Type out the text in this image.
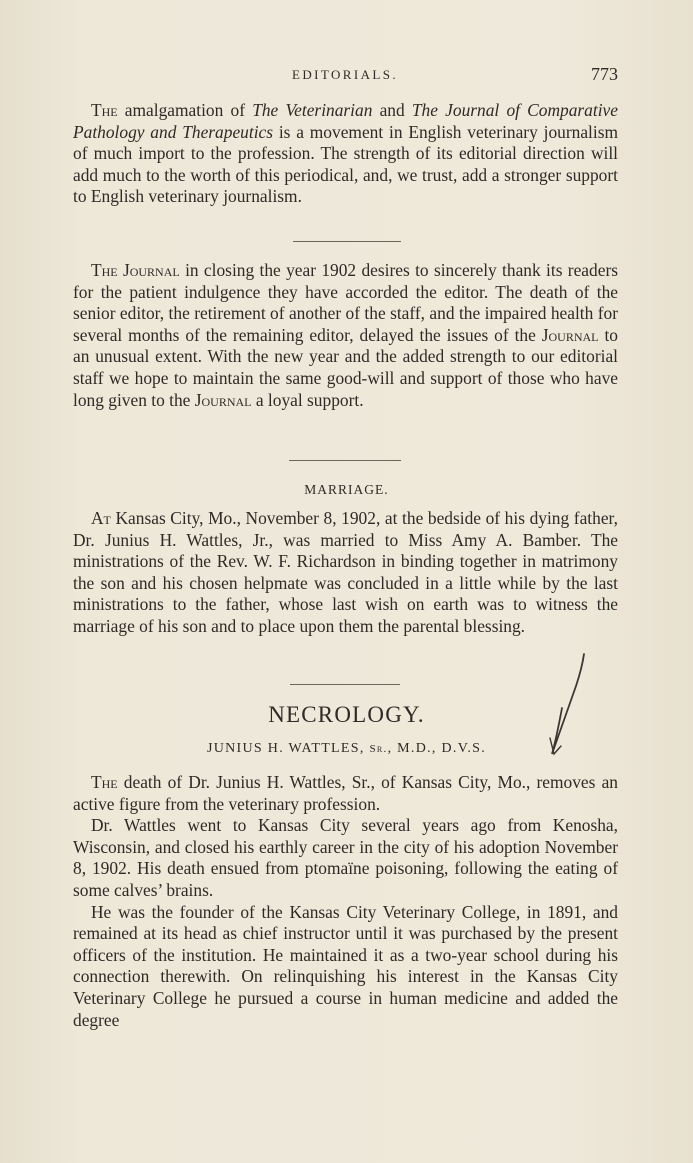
EDITORIALS.	773

The amalgamation of The Veterinarian and The Journal of Comparative Pathology and Therapeutics is a movement in English veterinary journalism of much import to the profession. The strength of its editorial direction will add much to the worth of this periodical, and, we trust, add a stronger support to English veterinary journalism.

The Journal in closing the year 1902 desires to sincerely thank its readers for the patient indulgence they have accorded the editor. The death of the senior editor, the retirement of another of the staff, and the impaired health for several months of the remaining editor, delayed the issues of the Journal to an unusual extent. With the new year and the added strength to our editorial staff we hope to maintain the same good-will and support of those who have long given to the Journal a loyal support.

MARRIAGE.

At Kansas City, Mo., November 8, 1902, at the bedside of his dying father, Dr. Junius H. Wattles, Jr., was married to Miss Amy A. Bamber. The ministrations of the Rev. W. F. Richardson in binding together in matrimony the son and his chosen helpmate was concluded in a little while by the last ministrations to the father, whose last wish on earth was to witness the marriage of his son and to place upon them the parental blessing.

NECROLOGY.
JUNIUS H. WATTLES, Sr., M.D., D.V.S.

The death of Dr. Junius H. Wattles, Sr., of Kansas City, Mo., removes an active figure from the veterinary profession.

Dr. Wattles went to Kansas City several years ago from Kenosha, Wisconsin, and closed his earthly career in the city of his adoption November 8, 1902. His death ensued from ptomaïne poisoning, following the eating of some calves’ brains.

He was the founder of the Kansas City Veterinary College, in 1891, and remained at its head as chief instructor until it was purchased by the present officers of the institution. He maintained it as a two-year school during his connection therewith. On relinquishing his interest in the Kansas City Veterinary College he pursued a course in human medicine and added the degree
